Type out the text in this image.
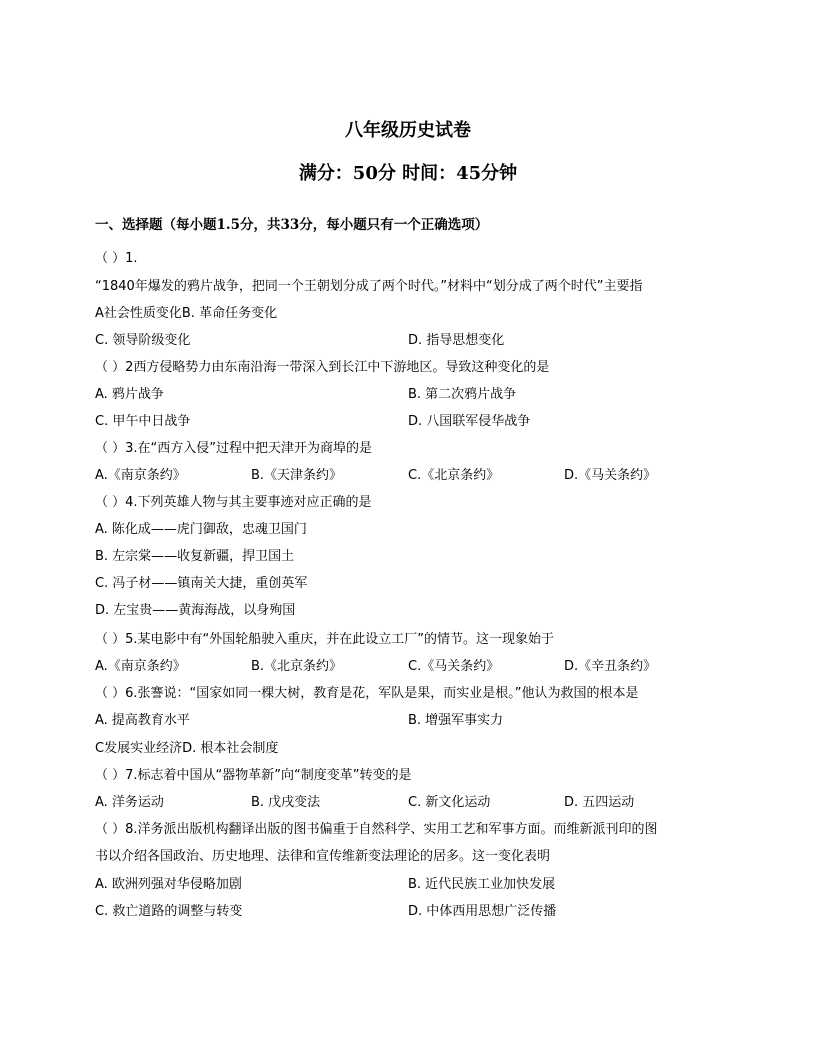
八年级历史试卷
满分：50分 时间：45分钟
一、选择题（每小题1.5分，共33分，每小题只有一个正确选项）
（ ）1.
“1840年爆发的鸦片战争，把同一个王朝划分成了两个时代。”材料中“划分成了两个时代”主要指
A社会性质变化B. 革命任务变化
C. 领导阶级变化	D. 指导思想变化
（ ）2西方侵略势力由东南沿海一带深入到长江中下游地区。导致这种变化的是
A. 鸦片战争	B. 第二次鸦片战争
C. 甲午中日战争	D. 八国联军侵华战争
（ ）3.在“西方入侵”过程中把天津开为商埠的是
A.《南京条约》	B.《天津条约》	C.《北京条约》	D.《马关条约》
（ ）4.下列英雄人物与其主要事迹对应正确的是
A. 陈化成——虎门御敌，忠魂卫国门
B. 左宗棠——收复新疆，捍卫国土
C. 冯子材——镇南关大捷，重创英军
D. 左宝贵——黄海海战，以身殉国
（ ）5.某电影中有“外国轮船驶入重庆，并在此设立工厂”的情节。这一现象始于
A.《南京条约》	B.《北京条约》	C.《马关条约》	D.《辛丑条约》
（ ）6.张謇说：“国家如同一棵大树，教育是花，军队是果，而实业是根。”他认为救国的根本是
A. 提高教育水平	B. 增强军事实力
C发展实业经济D. 根本社会制度
（ ）7.标志着中国从“器物革新”向“制度变革”转变的是
A. 洋务运动	B. 戊戌变法	C. 新文化运动	D. 五四运动
（ ）8.洋务派出版机构翻译出版的图书偏重于自然科学、实用工艺和军事方面。而维新派刊印的图
书以介绍各国政治、历史地理、法律和宣传维新变法理论的居多。这一变化表明
A. 欧洲列强对华侵略加剧	B. 近代民族工业加快发展
C. 救亡道路的调整与转变	D. 中体西用思想广泛传播
